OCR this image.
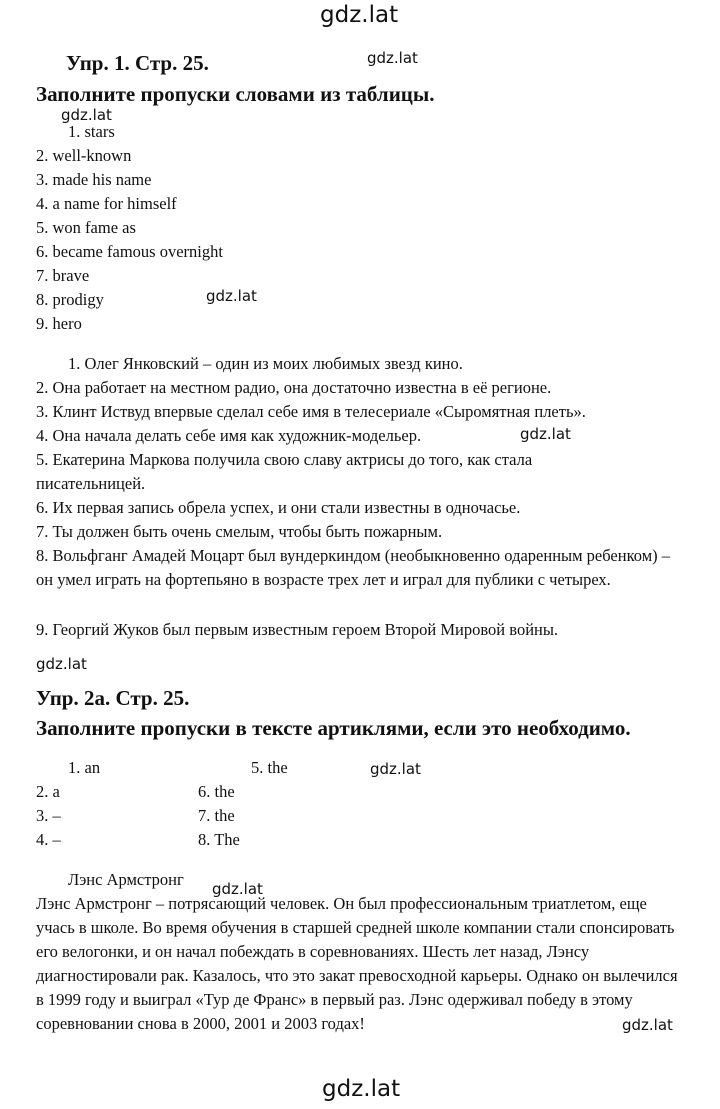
gdz.lat
gdz.lat
gdz.lat
gdz.lat
gdz.lat
gdz.lat
gdz.lat
gdz.lat
gdz.lat
gdz.lat
Упр. 1. Стр. 25.
Заполните пропуски словами из таблицы.
1. stars
2. well-known
3. made his name
4. a name for himself
5. won fame as
6. became famous overnight
7. brave
8. prodigy
9. hero
1. Олег Янковский – один из моих любимых звезд кино.
2. Она работает на местном радио, она достаточно известна в её регионе.
3. Клинт Иствуд впервые сделал себе имя в телесериале «Сыромятная плеть».
4. Она начала делать себе имя как художник-модельер.
5. Екатерина Маркова получила свою славу актрисы до того, как стала писательницей.
6. Их первая запись обрела успех, и они стали известны в одночасье.
7. Ты должен быть очень смелым, чтобы быть пожарным.
8. Вольфганг Амадей Моцарт был вундеркиндом (необыкновенно одаренным ребенком) – он умел играть на фортепьяно в возрасте трех лет и играл для публики с четырех.
9. Георгий Жуков был первым известным героем Второй Мировой войны.
Упр. 2а. Стр. 25.
Заполните пропуски в тексте артиклями, если это необходимо.
1. an
2. a
3. –
4. –
5. the
6. the
7. the
8. The
Лэнс Армстронг
Лэнс Армстронг – потрясающий человек. Он был профессиональным триатлетом, еще учась в школе. Во время обучения в старшей средней школе компании стали спонсировать его велогонки, и он начал побеждать в соревнованиях. Шесть лет назад, Лэнсу диагностировали рак. Казалось, что это закат превосходной карьеры. Однако он вылечился в 1999 году и выиграл «Тур де Франс» в первый раз. Лэнс одерживал победу в этому соревновании снова в 2000, 2001 и 2003 годах!
